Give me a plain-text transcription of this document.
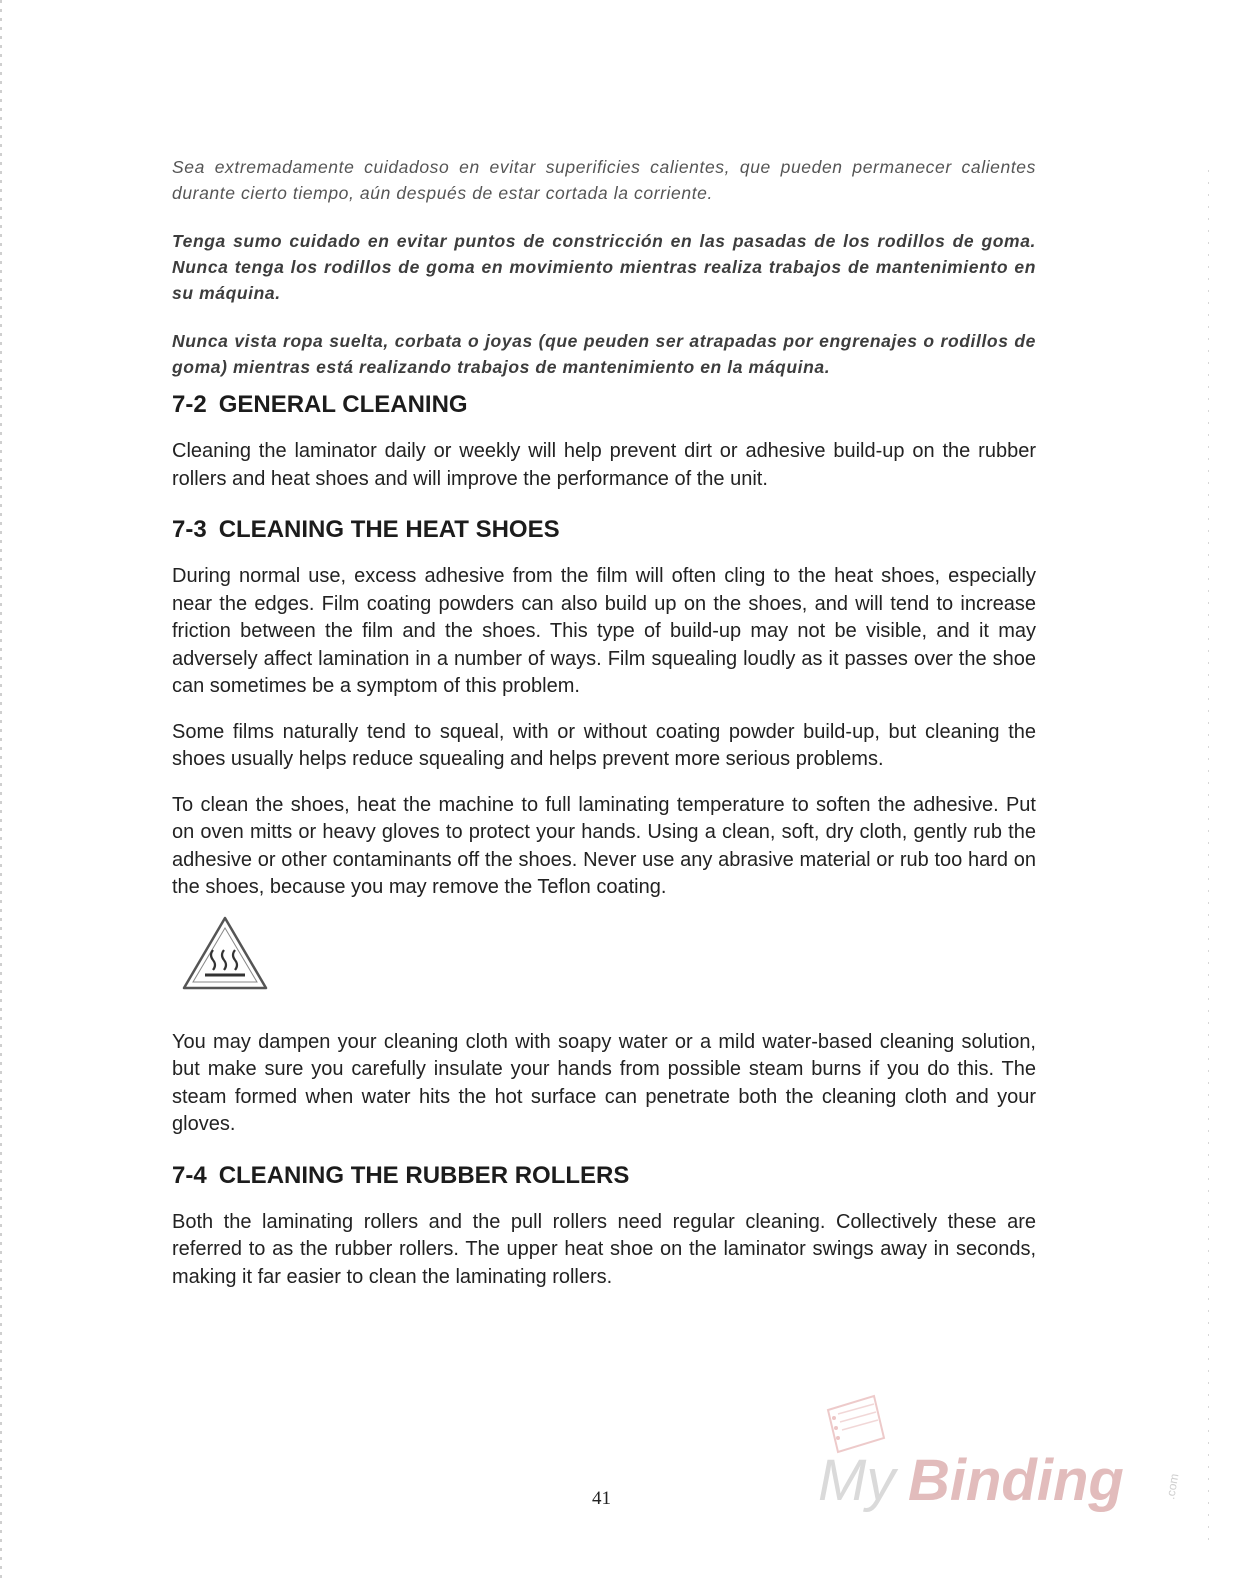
Sea extremadamente cuidadoso en evitar superificies calientes, que pueden permanecer calientes durante cierto tiempo, aún después de estar cortada la corriente.

Tenga sumo cuidado en evitar puntos de constricción en las pasadas de los rodillos de goma. Nunca tenga los rodillos de goma en movimiento mientras realiza trabajos de mantenimiento en su máquina.

Nunca vista ropa suelta, corbata o joyas (que peuden ser atrapadas por engrenajes o rodillos de goma) mientras está realizando trabajos de mantenimiento en la máquina.

7-2 GENERAL CLEANING

Cleaning the laminator daily or weekly will help prevent dirt or adhesive build-up on the rubber rollers and heat shoes and will improve the performance of the unit.

7-3 CLEANING THE HEAT SHOES

During normal use, excess adhesive from the film will often cling to the heat shoes, especially near the edges. Film coating powders can also build up on the shoes, and will tend to increase friction between the film and the shoes. This type of build-up may not be visible, and it may adversely affect lamination in a number of ways. Film squealing loudly as it passes over the shoe can sometimes be a symptom of this problem.

Some films naturally tend to squeal, with or without coating powder build-up, but cleaning the shoes usually helps reduce squealing and helps prevent more serious problems.

To clean the shoes, heat the machine to full laminating temperature to soften the adhesive. Put on oven mitts or heavy gloves to protect your hands. Using a clean, soft, dry cloth, gently rub the adhesive or other contaminants off the shoes. Never use any abrasive material or rub too hard on the shoes, because you may remove the Teflon coating.

You may dampen your cleaning cloth with soapy water or a mild water-based cleaning solution, but make sure you carefully insulate your hands from possible steam burns if you do this. The steam formed when water hits the hot surface can penetrate both the cleaning cloth and your gloves.

7-4 CLEANING THE RUBBER ROLLERS

Both the laminating rollers and the pull rollers need regular cleaning. Collectively these are referred to as the rubber rollers. The upper heat shoe on the laminator swings away in seconds, making it far easier to clean the laminating rollers.

41	My Binding	.com
